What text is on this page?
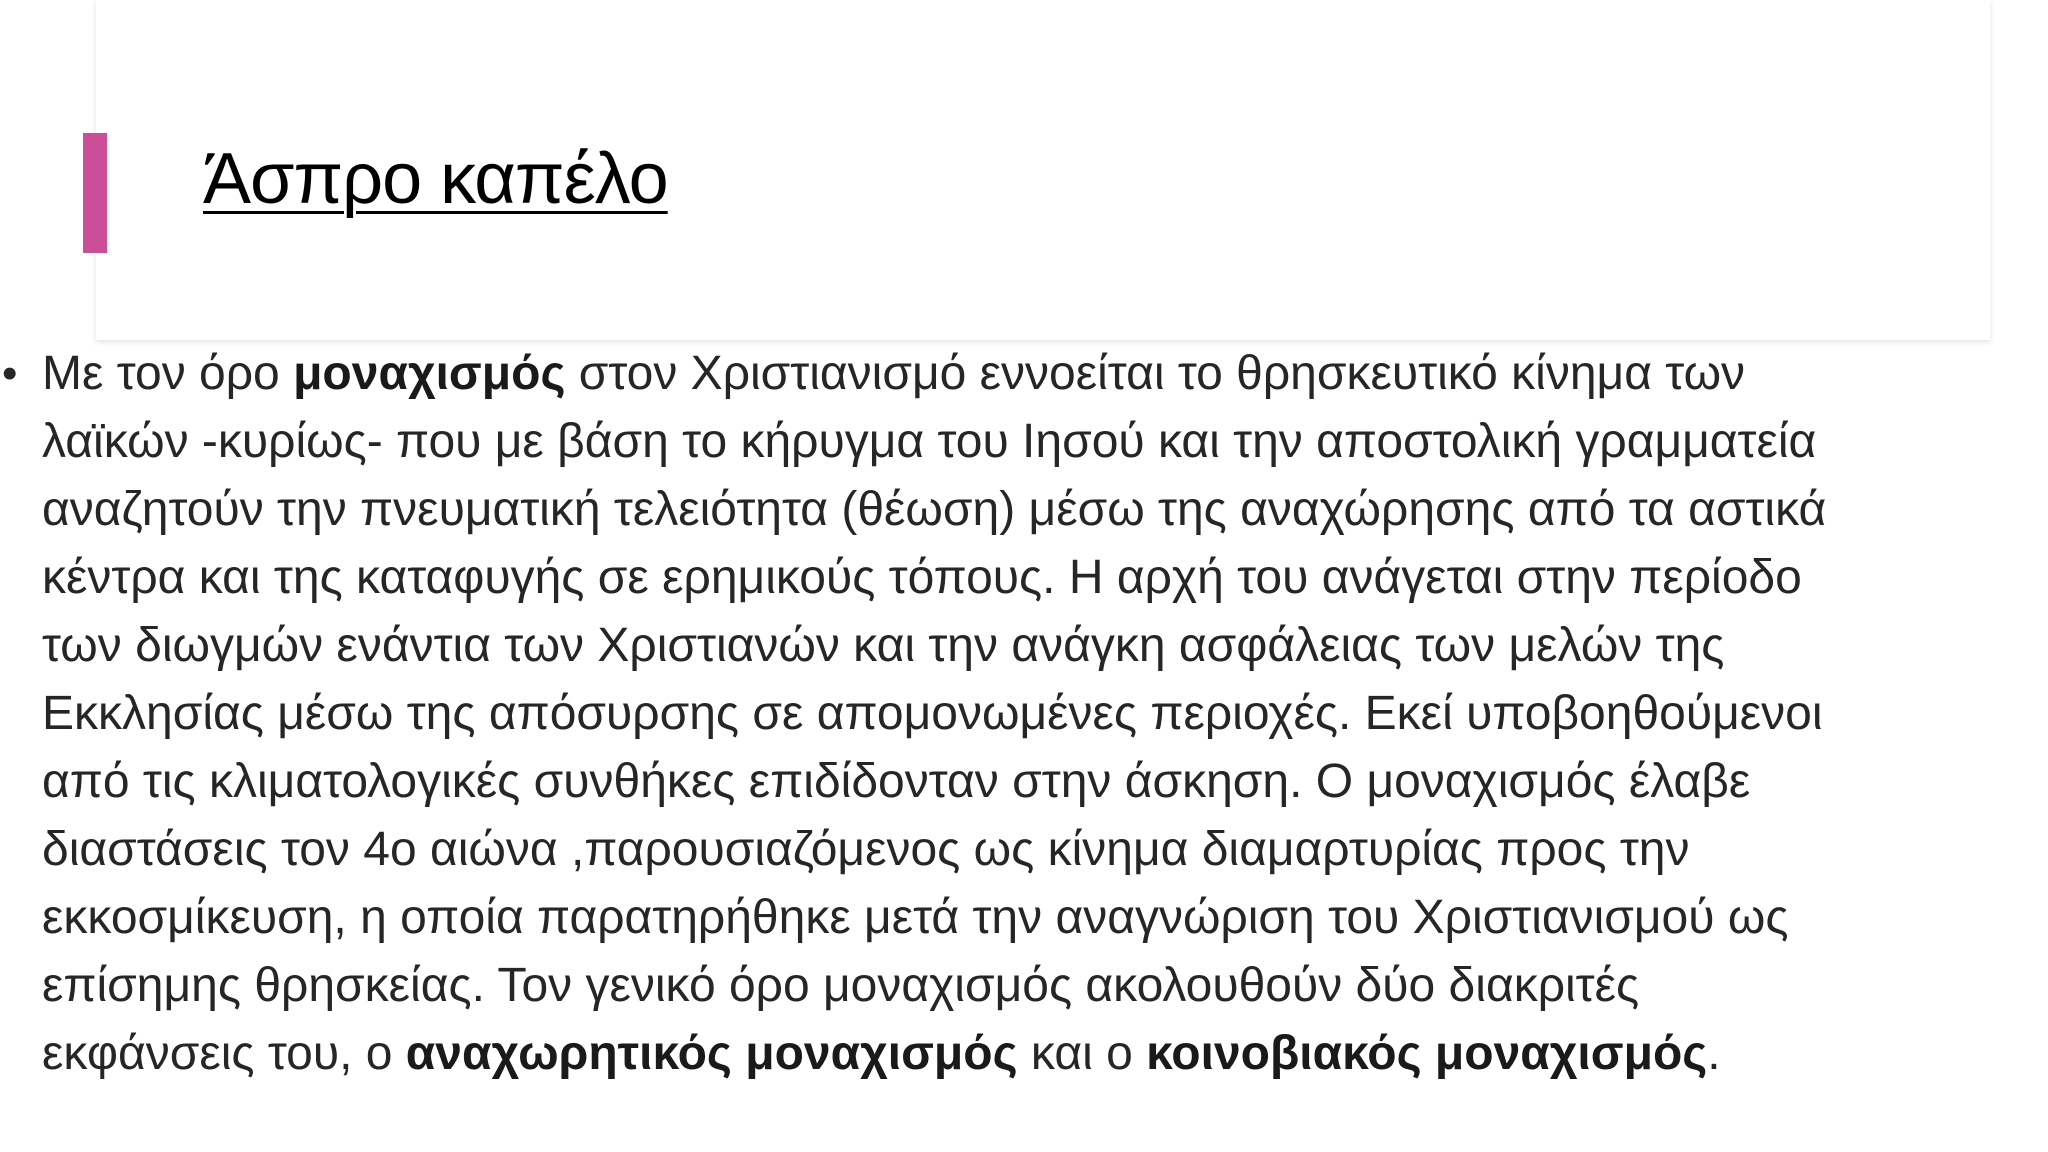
Άσπρο καπέλο
• Με τον όρο μοναχισμός στον Χριστιανισμό εννοείται το θρησκευτικό κίνημα των
λαϊκών -κυρίως- που με βάση το κήρυγμα του Ιησού και την αποστολική γραμματεία
αναζητούν την πνευματική τελειότητα (θέωση) μέσω της αναχώρησης από τα αστικά
κέντρα και της καταφυγής σε ερημικούς τόπους. Η αρχή του ανάγεται στην περίοδο
των διωγμών ενάντια των Χριστιανών και την ανάγκη ασφάλειας των μελών της
Εκκλησίας μέσω της απόσυρσης σε απομονωμένες περιοχές. Εκεί υποβοηθούμενοι
από τις κλιματολογικές συνθήκες επιδίδονταν στην άσκηση. Ο μοναχισμός έλαβε
διαστάσεις τον 4ο αιώνα ,παρουσιαζόμενος ως κίνημα διαμαρτυρίας προς την
εκκοσμίκευση, η οποία παρατηρήθηκε μετά την αναγνώριση του Χριστιανισμού ως
επίσημης θρησκείας. Τον γενικό όρο μοναχισμός ακολουθούν δύο διακριτές
εκφάνσεις του, ο αναχωρητικός μοναχισμός και ο κοινοβιακός μοναχισμός.
